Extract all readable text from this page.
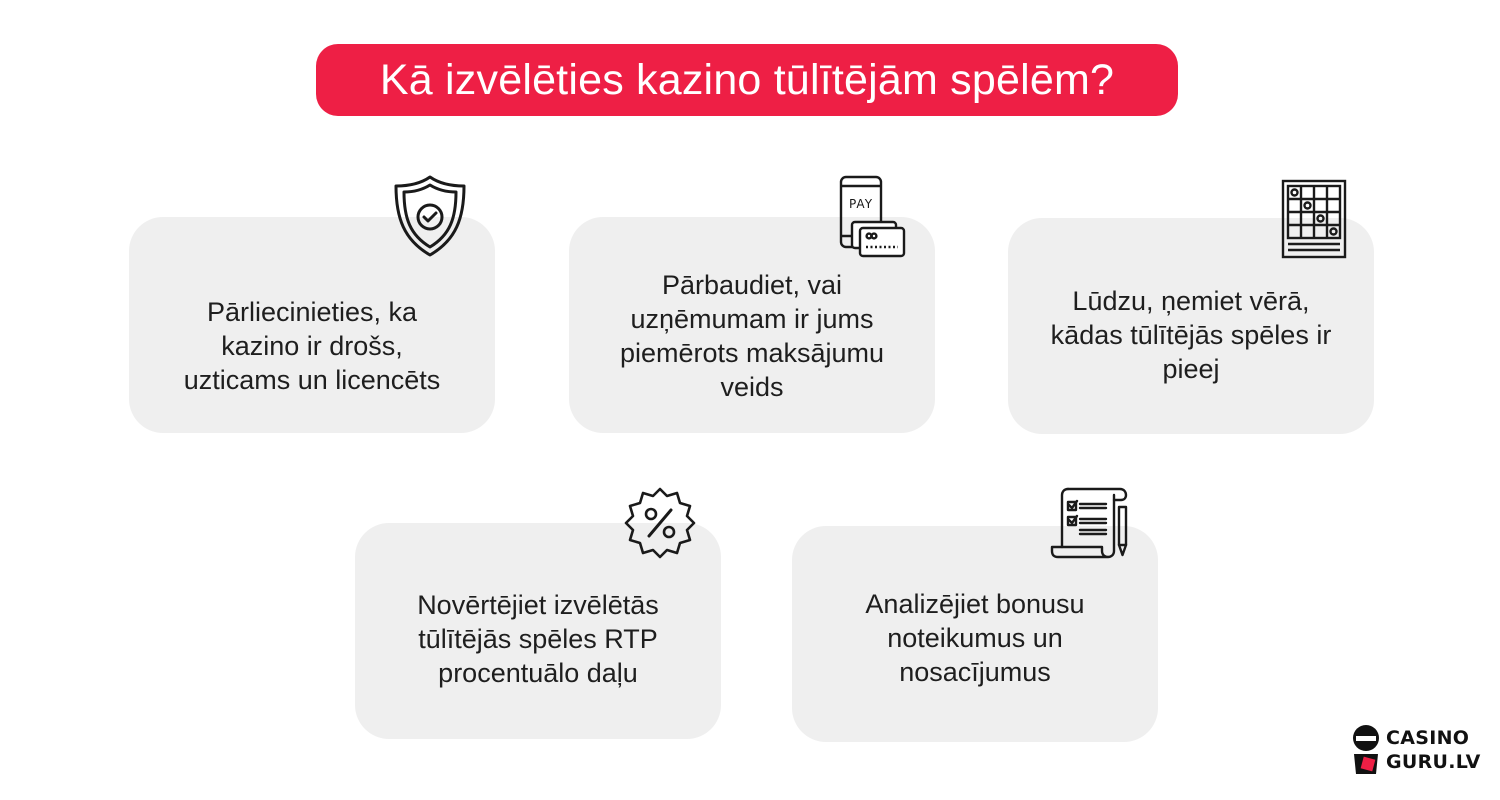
Kā izvēlēties kazino tūlītējām spēlēm?
Pārliecinieties, ka kazino ir drošs, uzticams un licencēts
Pārbaudiet, vai uzņēmumam ir jums piemērots maksājumu veids
Lūdzu, ņemiet vērā, kādas tūlītējās spēles ir pieej
Novērtējiet izvēlētās tūlītējās spēles RTP procentuālo daļu
Analizējiet bonusu noteikumus un nosacījumus
PAY
CASINO
GURU.LV
